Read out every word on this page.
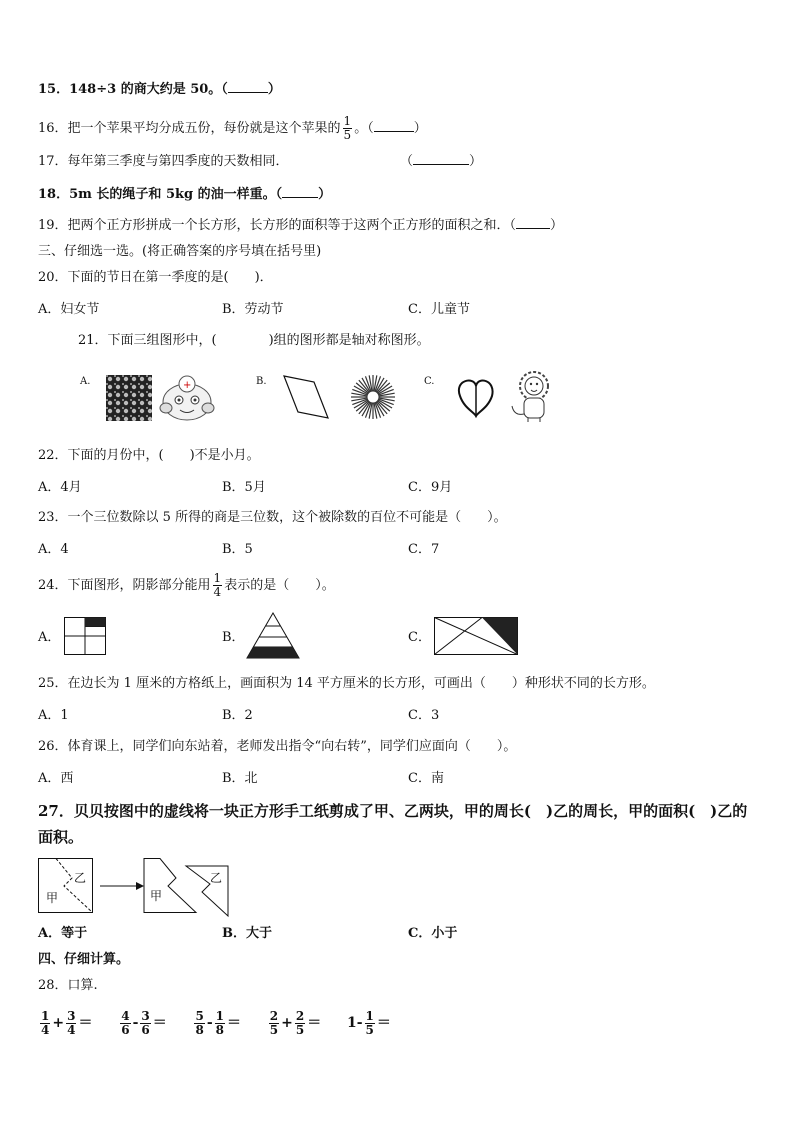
15．148÷3 的商大约是 50。（	）
16．把一个苹果平均分成五份，每份就是这个苹果的 $\frac{1}{5}$ 。（	）
17．每年第三季度与第四季度的天数相同．	（	）
18．5m 长的绳子和 5kg 的油一样重。（	）
19．把两个正方形拼成一个长方形，长方形的面积等于这两个正方形的面积之和．（	）
三、仔细选一选。(将正确答案的序号填在括号里)
20．下面的节日在第一季度的是(　　)．
A．妇女节	B．劳动节	C．儿童节
21．下面三组图形中，(　　　　)组的图形都是轴对称图形。
A.	B.	C.
+
22．下面的月份中，(　　)不是小月。
A．4月	B．5月	C．9月
23．一个三位数除以 5 所得的商是三位数，这个被除数的百位不可能是（　　）。
A．4	B．5	C．7
24．下面图形，阴影部分能用 $\frac{1}{4}$ 表示的是（　　）。
A．	B．	C．
25．在边长为 1 厘米的方格纸上，画面积为 14 平方厘米的长方形，可画出（　　）种形状不同的长方形。
A．1	B．2	C．3
26．体育课上，同学们向东站着，老师发出指令“向右转”，同学们应面向（　　）。
A．西	B．北	C．南
27．贝贝按图中的虚线将一块正方形手工纸剪成了甲、乙两块，甲的周长(　)乙的周长，甲的面积(　)乙的面积。
甲
乙
甲
乙
A．等于	B．大于	C．小于
四、仔细计算。
28．口算.
$\frac{1}{4} + \frac{3}{4} = \frac{4}{6} - \frac{3}{6} = \frac{5}{8} - \frac{1}{8} = \frac{2}{5} + \frac{2}{5} = 1- \frac{1}{5}$ ＝
